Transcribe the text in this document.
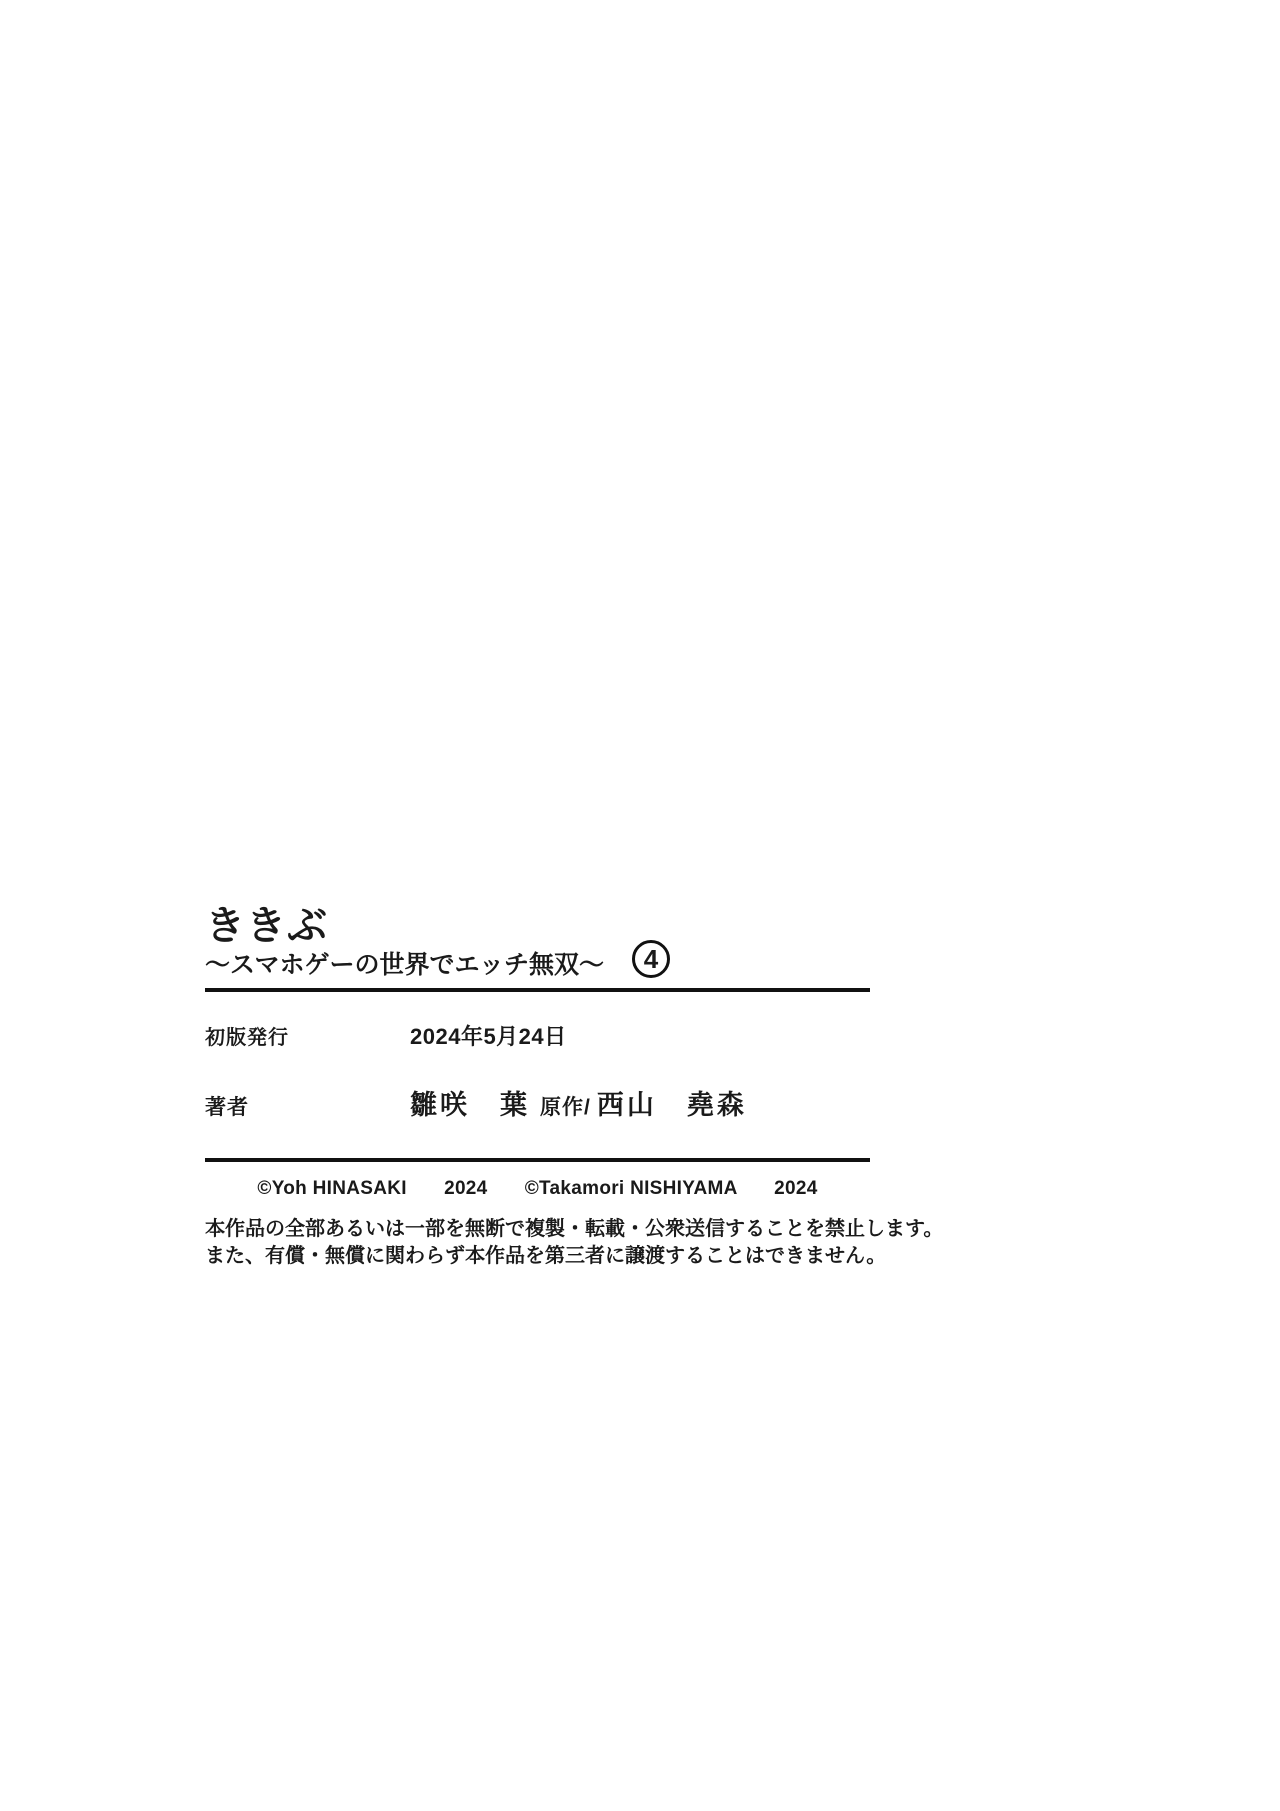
ききぶ
～スマホゲーの世界でエッチ無双～	4
初版発行	2024年5月24日
著者	雛咲　葉 原作/ 西山　堯森
©Yoh HINASAKI 2024 ©Takamori NISHIYAMA 2024
本作品の全部あるいは一部を無断で複製・転載・公衆送信することを禁止します。
また、有償・無償に関わらず本作品を第三者に譲渡することはできません。
